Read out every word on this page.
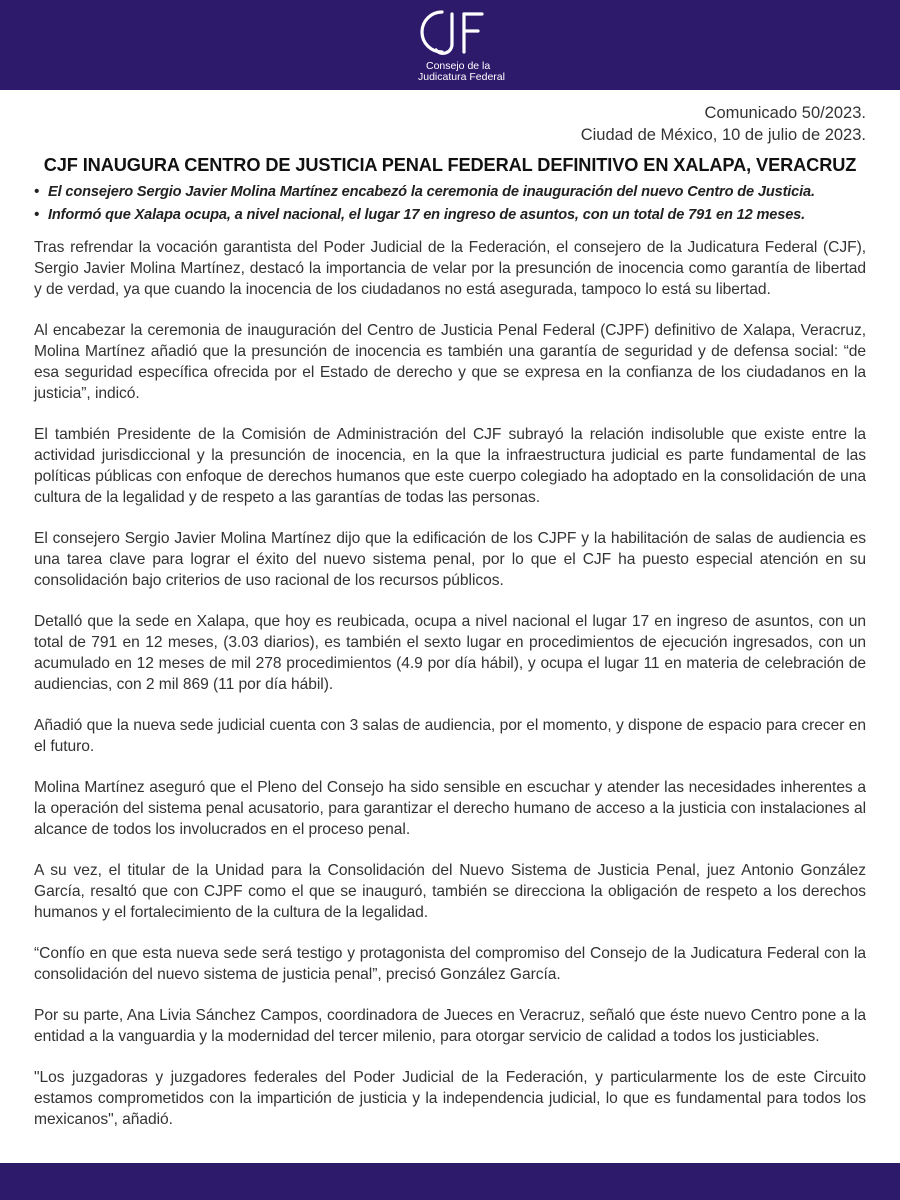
Consejo de la
Judicatura Federal
Comunicado 50/2023.
Ciudad de México, 10 de julio de 2023.
CJF INAUGURA CENTRO DE JUSTICIA PENAL FEDERAL DEFINITIVO EN XALAPA, VERACRUZ
• El consejero Sergio Javier Molina Martínez encabezó la ceremonia de inauguración del nuevo Centro de Justicia.
• Informó que Xalapa ocupa, a nivel nacional, el lugar 17 en ingreso de asuntos, con un total de 791 en 12 meses.

Tras refrendar la vocación garantista del Poder Judicial de la Federación, el consejero de la Judicatura Federal (CJF), Sergio Javier Molina Martínez, destacó la importancia de velar por la presunción de inocencia como garantía de libertad y de verdad, ya que cuando la inocencia de los ciudadanos no está asegurada, tampoco lo está su libertad.

Al encabezar la ceremonia de inauguración del Centro de Justicia Penal Federal (CJPF) definitivo de Xalapa, Veracruz, Molina Martínez añadió que la presunción de inocencia es también una garantía de seguridad y de defensa social: “de esa seguridad específica ofrecida por el Estado de derecho y que se expresa en la confianza de los ciudadanos en la justicia”, indicó.

El también Presidente de la Comisión de Administración del CJF subrayó la relación indisoluble que existe entre la actividad jurisdiccional y la presunción de inocencia, en la que la infraestructura judicial es parte fundamental de las políticas públicas con enfoque de derechos humanos que este cuerpo colegiado ha adoptado en la consolidación de una cultura de la legalidad y de respeto a las garantías de todas las personas.

El consejero Sergio Javier Molina Martínez dijo que la edificación de los CJPF y la habilitación de salas de audiencia es una tarea clave para lograr el éxito del nuevo sistema penal, por lo que el CJF ha puesto especial atención en su consolidación bajo criterios de uso racional de los recursos públicos.

Detalló que la sede en Xalapa, que hoy es reubicada, ocupa a nivel nacional el lugar 17 en ingreso de asuntos, con un total de 791 en 12 meses, (3.03 diarios), es también el sexto lugar en procedimientos de ejecución ingresados, con un acumulado en 12 meses de mil 278 procedimientos (4.9 por día hábil), y ocupa el lugar 11 en materia de celebración de audiencias, con 2 mil 869 (11 por día hábil).

Añadió que la nueva sede judicial cuenta con 3 salas de audiencia, por el momento, y dispone de espacio para crecer en el futuro.

Molina Martínez aseguró que el Pleno del Consejo ha sido sensible en escuchar y atender las necesidades inherentes a la operación del sistema penal acusatorio, para garantizar el derecho humano de acceso a la justicia con instalaciones al alcance de todos los involucrados en el proceso penal.

A su vez, el titular de la Unidad para la Consolidación del Nuevo Sistema de Justicia Penal, juez Antonio González García, resaltó que con CJPF como el que se inauguró, también se direcciona la obligación de respeto a los derechos humanos y el fortalecimiento de la cultura de la legalidad.

“Confío en que esta nueva sede será testigo y protagonista del compromiso del Consejo de la Judicatura Federal con la consolidación del nuevo sistema de justicia penal”, precisó González García.

Por su parte, Ana Livia Sánchez Campos, coordinadora de Jueces en Veracruz, señaló que éste nuevo Centro pone a la entidad a la vanguardia y la modernidad del tercer milenio, para otorgar servicio de calidad a todos los justiciables.

"Los juzgadoras y juzgadores federales del Poder Judicial de la Federación, y particularmente los de este Circuito estamos comprometidos con la impartición de justicia y la independencia judicial, lo que es fundamental para todos los mexicanos", añadió.
